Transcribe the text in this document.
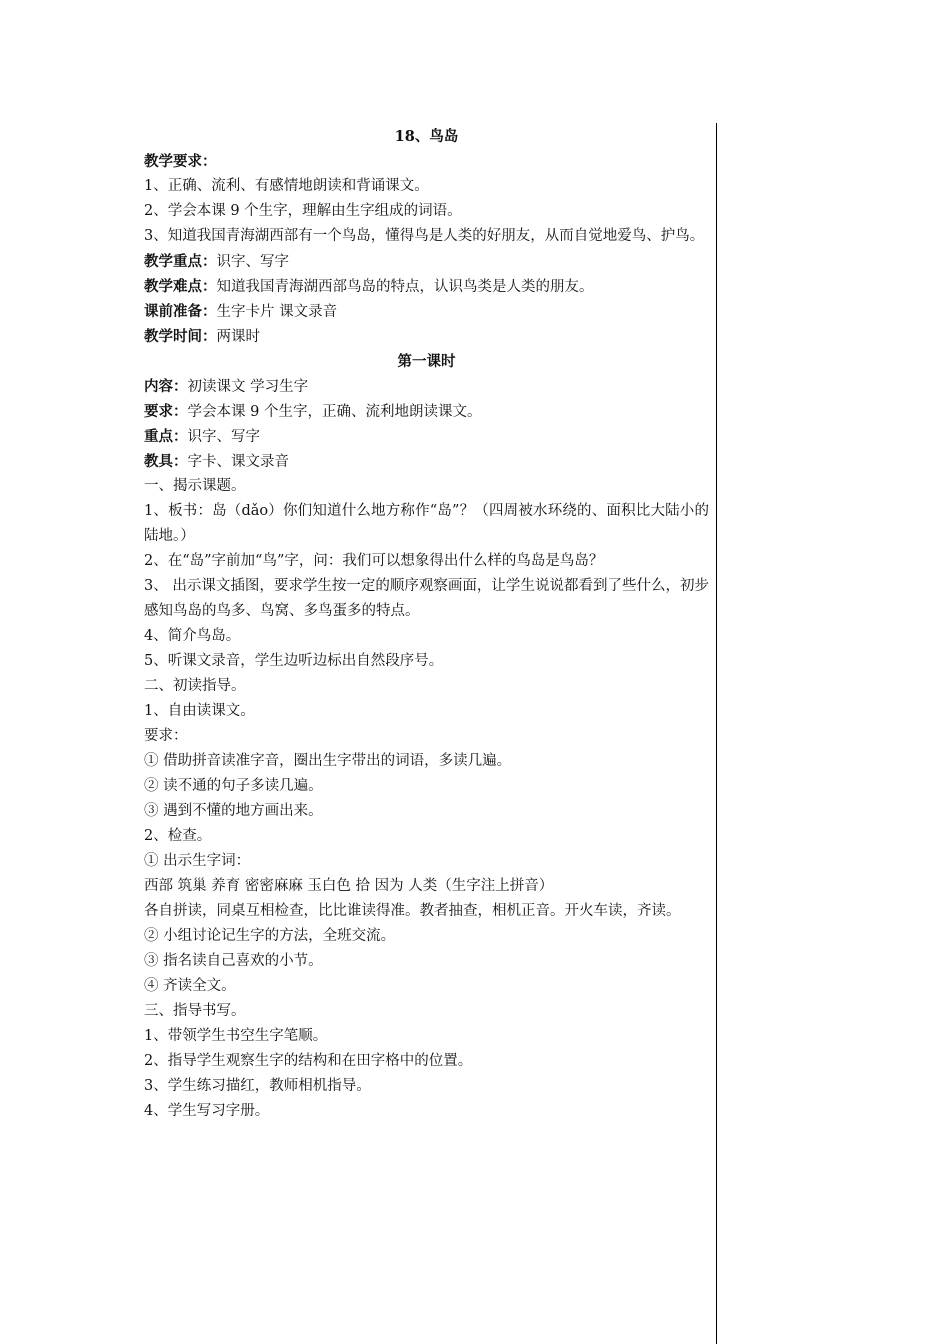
18、鸟岛
教学要求：
1、正确、流利、有感情地朗读和背诵课文。
2、学会本课 9 个生字，理解由生字组成的词语。
3、知道我国青海湖西部有一个鸟岛，懂得鸟是人类的好朋友，从而自觉地爱鸟、护鸟。
教学重点：识字、写字
教学难点：知道我国青海湖西部鸟岛的特点，认识鸟类是人类的朋友。
课前准备：生字卡片 课文录音
教学时间：两课时
第一课时
内容：初读课文 学习生字
要求：学会本课 9 个生字，正确、流利地朗读课文。
重点：识字、写字
教具：字卡、课文录音
一、揭示课题。
1、板书：岛（dǎo）你们知道什么地方称作“岛”？（四周被水环绕的、面积比大陆小的陆地。）
2、在“岛”字前加“鸟”字，问：我们可以想象得出什么样的鸟岛是鸟岛？
3、 出示课文插图，要求学生按一定的顺序观察画面，让学生说说都看到了些什么，初步感知鸟岛的鸟多、鸟窝、多鸟蛋多的特点。
4、简介鸟岛。
5、听课文录音，学生边听边标出自然段序号。
二、初读指导。
1、自由读课文。
要求：
① 借助拼音读准字音，圈出生字带出的词语，多读几遍。
② 读不通的句子多读几遍。
③ 遇到不懂的地方画出来。
2、检查。
① 出示生字词：
西部 筑巢 养育 密密麻麻 玉白色 拾 因为 人类（生字注上拼音）
各自拼读，同桌互相检查，比比谁读得准。教者抽查，相机正音。开火车读，齐读。
② 小组讨论记生字的方法，全班交流。
③ 指名读自己喜欢的小节。
④ 齐读全文。
三、指导书写。
1、带领学生书空生字笔顺。
2、指导学生观察生字的结构和在田字格中的位置。
3、学生练习描红，教师相机指导。
4、学生写习字册。
